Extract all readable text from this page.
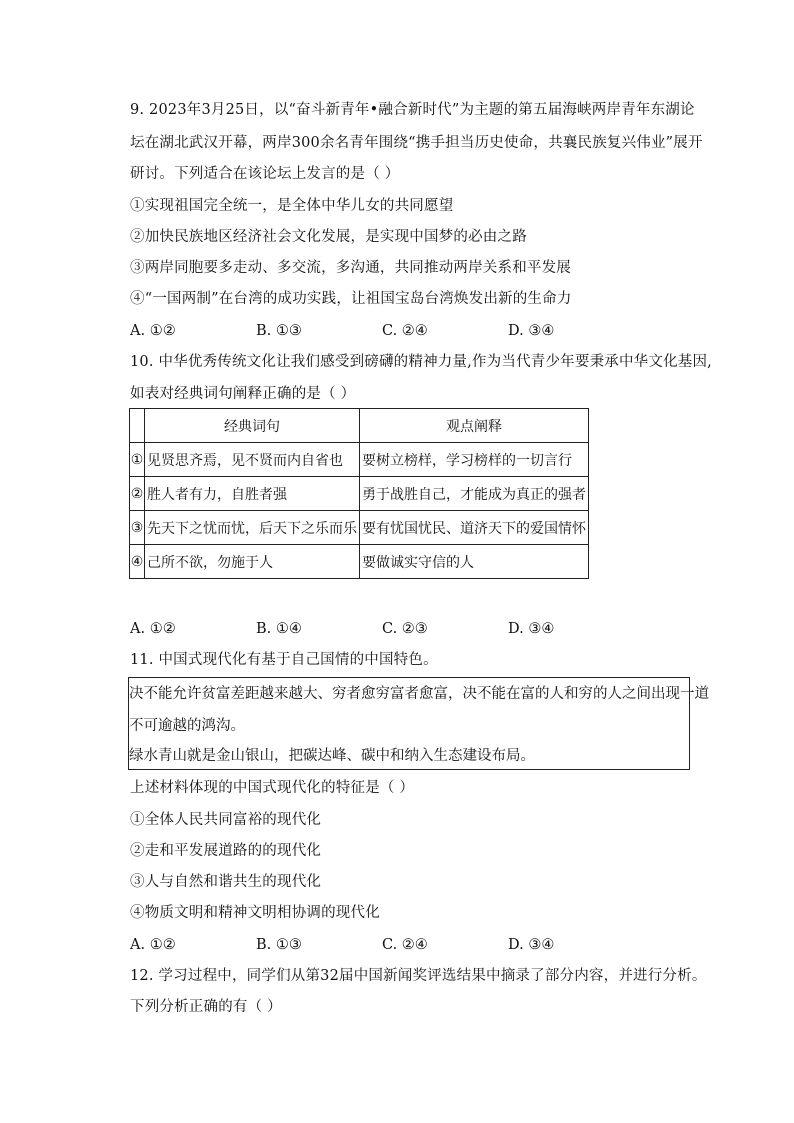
9. 2023年3月25日，以“奋斗新青年•融合新时代”为主题的第五届海峡两岸青年东湖论
坛在湖北武汉开幕，两岸300余名青年围绕“携手担当历史使命，共襄民族复兴伟业”展开
研讨。下列适合在该论坛上发言的是（ ）
①实现祖国完全统一，是全体中华儿女的共同愿望
②加快民族地区经济社会文化发展，是实现中国梦的必由之路
③两岸同胞要多走动、多交流，多沟通，共同推动两岸关系和平发展
④“一国两制”在台湾的成功实践，让祖国宝岛台湾焕发出新的生命力
A. ①②	B. ①③	C. ②④	D. ③④
10. 中华优秀传统文化让我们感受到磅礴的精神力量,作为当代青少年要秉承中华文化基因,
如表对经典词句阐释正确的是（ ）
	经典词句	观点阐释
①	见贤思齐焉，见不贤而内自省也	要树立榜样，学习榜样的一切言行
②	胜人者有力，自胜者强	勇于战胜自己，才能成为真正的强者
③	先天下之忧而忧，后天下之乐而乐	要有忧国忧民、道济天下的爱国情怀
④	己所不欲，勿施于人	要做诚实守信的人
A. ①②	B. ①④	C. ②③	D. ③④
11. 中国式现代化有基于自己国情的中国特色。
决不能允许贫富差距越来越大、穷者愈穷富者愈富，决不能在富的人和穷的人之间出现一道
不可逾越的鸿沟。
绿水青山就是金山银山，把碳达峰、碳中和纳入生态建设布局。
上述材料体现的中国式现代化的特征是（ ）
①全体人民共同富裕的现代化
②走和平发展道路的的现代化
③人与自然和谐共生的现代化
④物质文明和精神文明相协调的现代化
A. ①②	B. ①③	C. ②④	D. ③④
12. 学习过程中，同学们从第32届中国新闻奖评选结果中摘录了部分内容，并进行分析。
下列分析正确的有（ ）
